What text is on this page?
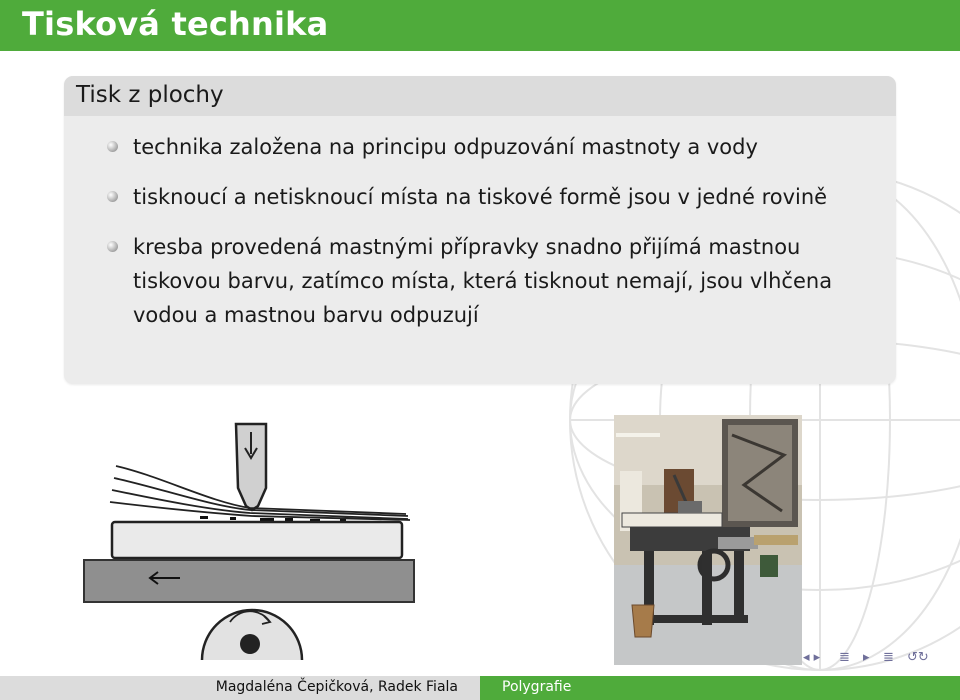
Tisková technika
Tisk z plochy
technika založena na principu odpuzování mastnoty a vody
tisknoucí a netisknoucí místa na tiskové formě jsou v jedné rovině
kresba provedená mastnými přípravky snadno přijímá mastnou tiskovou barvu, zatímco místa, která tisknout nemají, jsou vlhčena vodou a mastnou barvu odpuzují
◂ ▸ ≣ ▸ ≣ ↺↻
Magdaléna Čepičková, Radek Fiala	Polygrafie
